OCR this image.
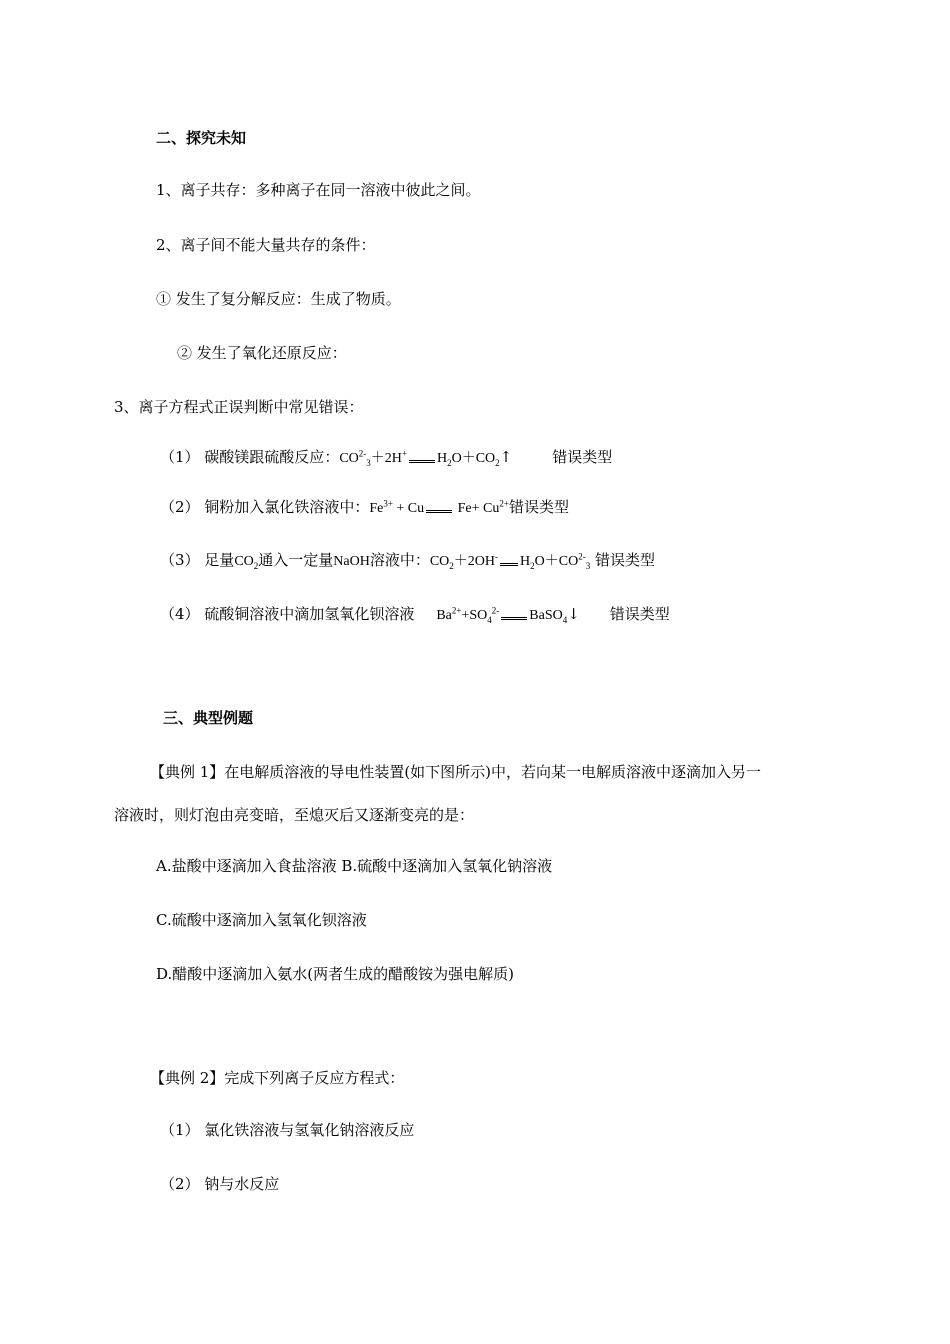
二、探究未知
1、离子共存：多种离子在同一溶液中彼此之间。
2、离子间不能大量共存的条件：
① 发生了复分解反应：生成了物质。
② 发生了氧化还原反应：
3、离子方程式正误判断中常见错误：
（1） 碳酸镁跟硫酸反应：$CO^{2-}_3+2H^+$ $H_2O+CO_2↑$	错误类型
（2） 铜粉加入氯化铁溶液中：$Fe^{3+} + Cu$ $Fe+ Cu^{2+}$错误类型
（3） 足量$CO_2$通入一定量NaOH溶液中：$CO_2+2OH^-$ $H_2O+CO^{2-}_3$ 错误类型
（4） 硫酸铜溶液中滴加氢氧化钡溶液 $Ba^{2+}+SO_4^{2-}$ BaSO$_4$↓ 错误类型
三、典型例题
【典例 1】在电解质溶液的导电性装置(如下图所示)中，若向某一电解质溶液中逐滴加入另一
溶液时，则灯泡由亮变暗，至熄灭后又逐渐变亮的是：
A.盐酸中逐滴加入食盐溶液 B.硫酸中逐滴加入氢氧化钠溶液
C.硫酸中逐滴加入氢氧化钡溶液
D.醋酸中逐滴加入氨水(两者生成的醋酸铵为强电解质)
【典例 2】完成下列离子反应方程式：
（1） 氯化铁溶液与氢氧化钠溶液反应
（2） 钠与水反应
